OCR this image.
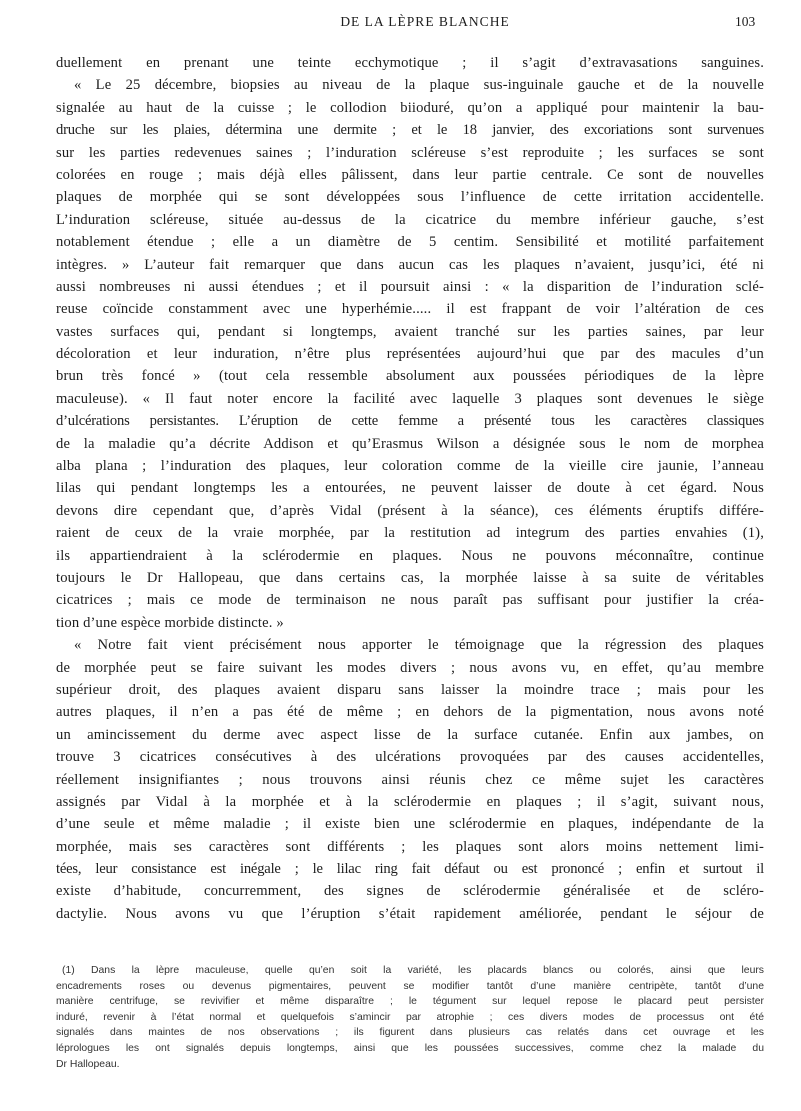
DE LA LÈPRE BLANCHE	103
duellement en prenant une teinte ecchymotique ; il s’agit d’extravasations sanguines.
« Le 25 décembre, biopsies au niveau de la plaque sus-inguinale gauche et de la nouvelle
signalée au haut de la cuisse ; le collodion biioduré, qu’on a appliqué pour maintenir la bau-
druche sur les plaies, détermina une dermite ; et le 18 janvier, des excoriations sont survenues
sur les parties redevenues saines ; l’induration scléreuse s’est reproduite ; les surfaces se sont
colorées en rouge ; mais déjà elles pâlissent, dans leur partie centrale. Ce sont de nouvelles
plaques de morphée qui se sont développées sous l’influence de cette irritation accidentelle.
L’induration scléreuse, située au-dessus de la cicatrice du membre inférieur gauche, s’est
notablement étendue ; elle a un diamètre de 5 centim. Sensibilité et motilité parfaitement
intègres. » L’auteur fait remarquer que dans aucun cas les plaques n’avaient, jusqu’ici, été ni
aussi nombreuses ni aussi étendues ; et il poursuit ainsi : « la disparition de l’induration sclé-
reuse coïncide constamment avec une hyperhémie..... il est frappant de voir l’altération de ces
vastes surfaces qui, pendant si longtemps, avaient tranché sur les parties saines, par leur
décoloration et leur induration, n’être plus représentées aujourd’hui que par des macules d’un
brun très foncé » (tout cela ressemble absolument aux poussées périodiques de la lèpre
maculeuse). « Il faut noter encore la facilité avec laquelle 3 plaques sont devenues le siège
d’ulcérations persistantes. L’éruption de cette femme a présenté tous les caractères classiques
de la maladie qu’a décrite Addison et qu’Erasmus Wilson a désignée sous le nom de morphea
alba plana ; l’induration des plaques, leur coloration comme de la vieille cire jaunie, l’anneau
lilas qui pendant longtemps les a entourées, ne peuvent laisser de doute à cet égard. Nous
devons dire cependant que, d’après Vidal (présent à la séance), ces éléments éruptifs différe-
raient de ceux de la vraie morphée, par la restitution ad integrum des parties envahies (1),
ils appartiendraient à la sclérodermie en plaques. Nous ne pouvons méconnaître, continue
toujours le Dr Hallopeau, que dans certains cas, la morphée laisse à sa suite de véritables
cicatrices ; mais ce mode de terminaison ne nous paraît pas suffisant pour justifier la créa-
tion d’une espèce morbide distincte. »
« Notre fait vient précisément nous apporter le témoignage que la régression des plaques
de morphée peut se faire suivant les modes divers ; nous avons vu, en effet, qu’au membre
supérieur droit, des plaques avaient disparu sans laisser la moindre trace ; mais pour les
autres plaques, il n’en a pas été de même ; en dehors de la pigmentation, nous avons noté
un amincissement du derme avec aspect lisse de la surface cutanée. Enfin aux jambes, on
trouve 3 cicatrices consécutives à des ulcérations provoquées par des causes accidentelles,
réellement insignifiantes ; nous trouvons ainsi réunis chez ce même sujet les caractères
assignés par Vidal à la morphée et à la sclérodermie en plaques ; il s’agit, suivant nous,
d’une seule et même maladie ; il existe bien une sclérodermie en plaques, indépendante de la
morphée, mais ses caractères sont différents ; les plaques sont alors moins nettement limi-
tées, leur consistance est inégale ; le lilac ring fait défaut ou est prononcé ; enfin et surtout il
existe d’habitude, concurremment, des signes de sclérodermie généralisée et de scléro-
dactylie. Nous avons vu que l’éruption s’était rapidement améliorée, pendant le séjour de
(1) Dans la lèpre maculeuse, quelle qu’en soit la variété, les placards blancs ou colorés, ainsi que leurs
encadrements roses ou devenus pigmentaires, peuvent se modifier tantôt d’une manière centripète, tantôt d’une
manière centrifuge, se revivifier et même disparaître ; le tégument sur lequel repose le placard peut persister
induré, revenir à l’état normal et quelquefois s’amincir par atrophie ; ces divers modes de processus ont été
signalés dans maintes de nos observations ; ils figurent dans plusieurs cas relatés dans cet ouvrage et les
léprologues les ont signalés depuis longtemps, ainsi que les poussées successives, comme chez la malade du
Dr Hallopeau.
